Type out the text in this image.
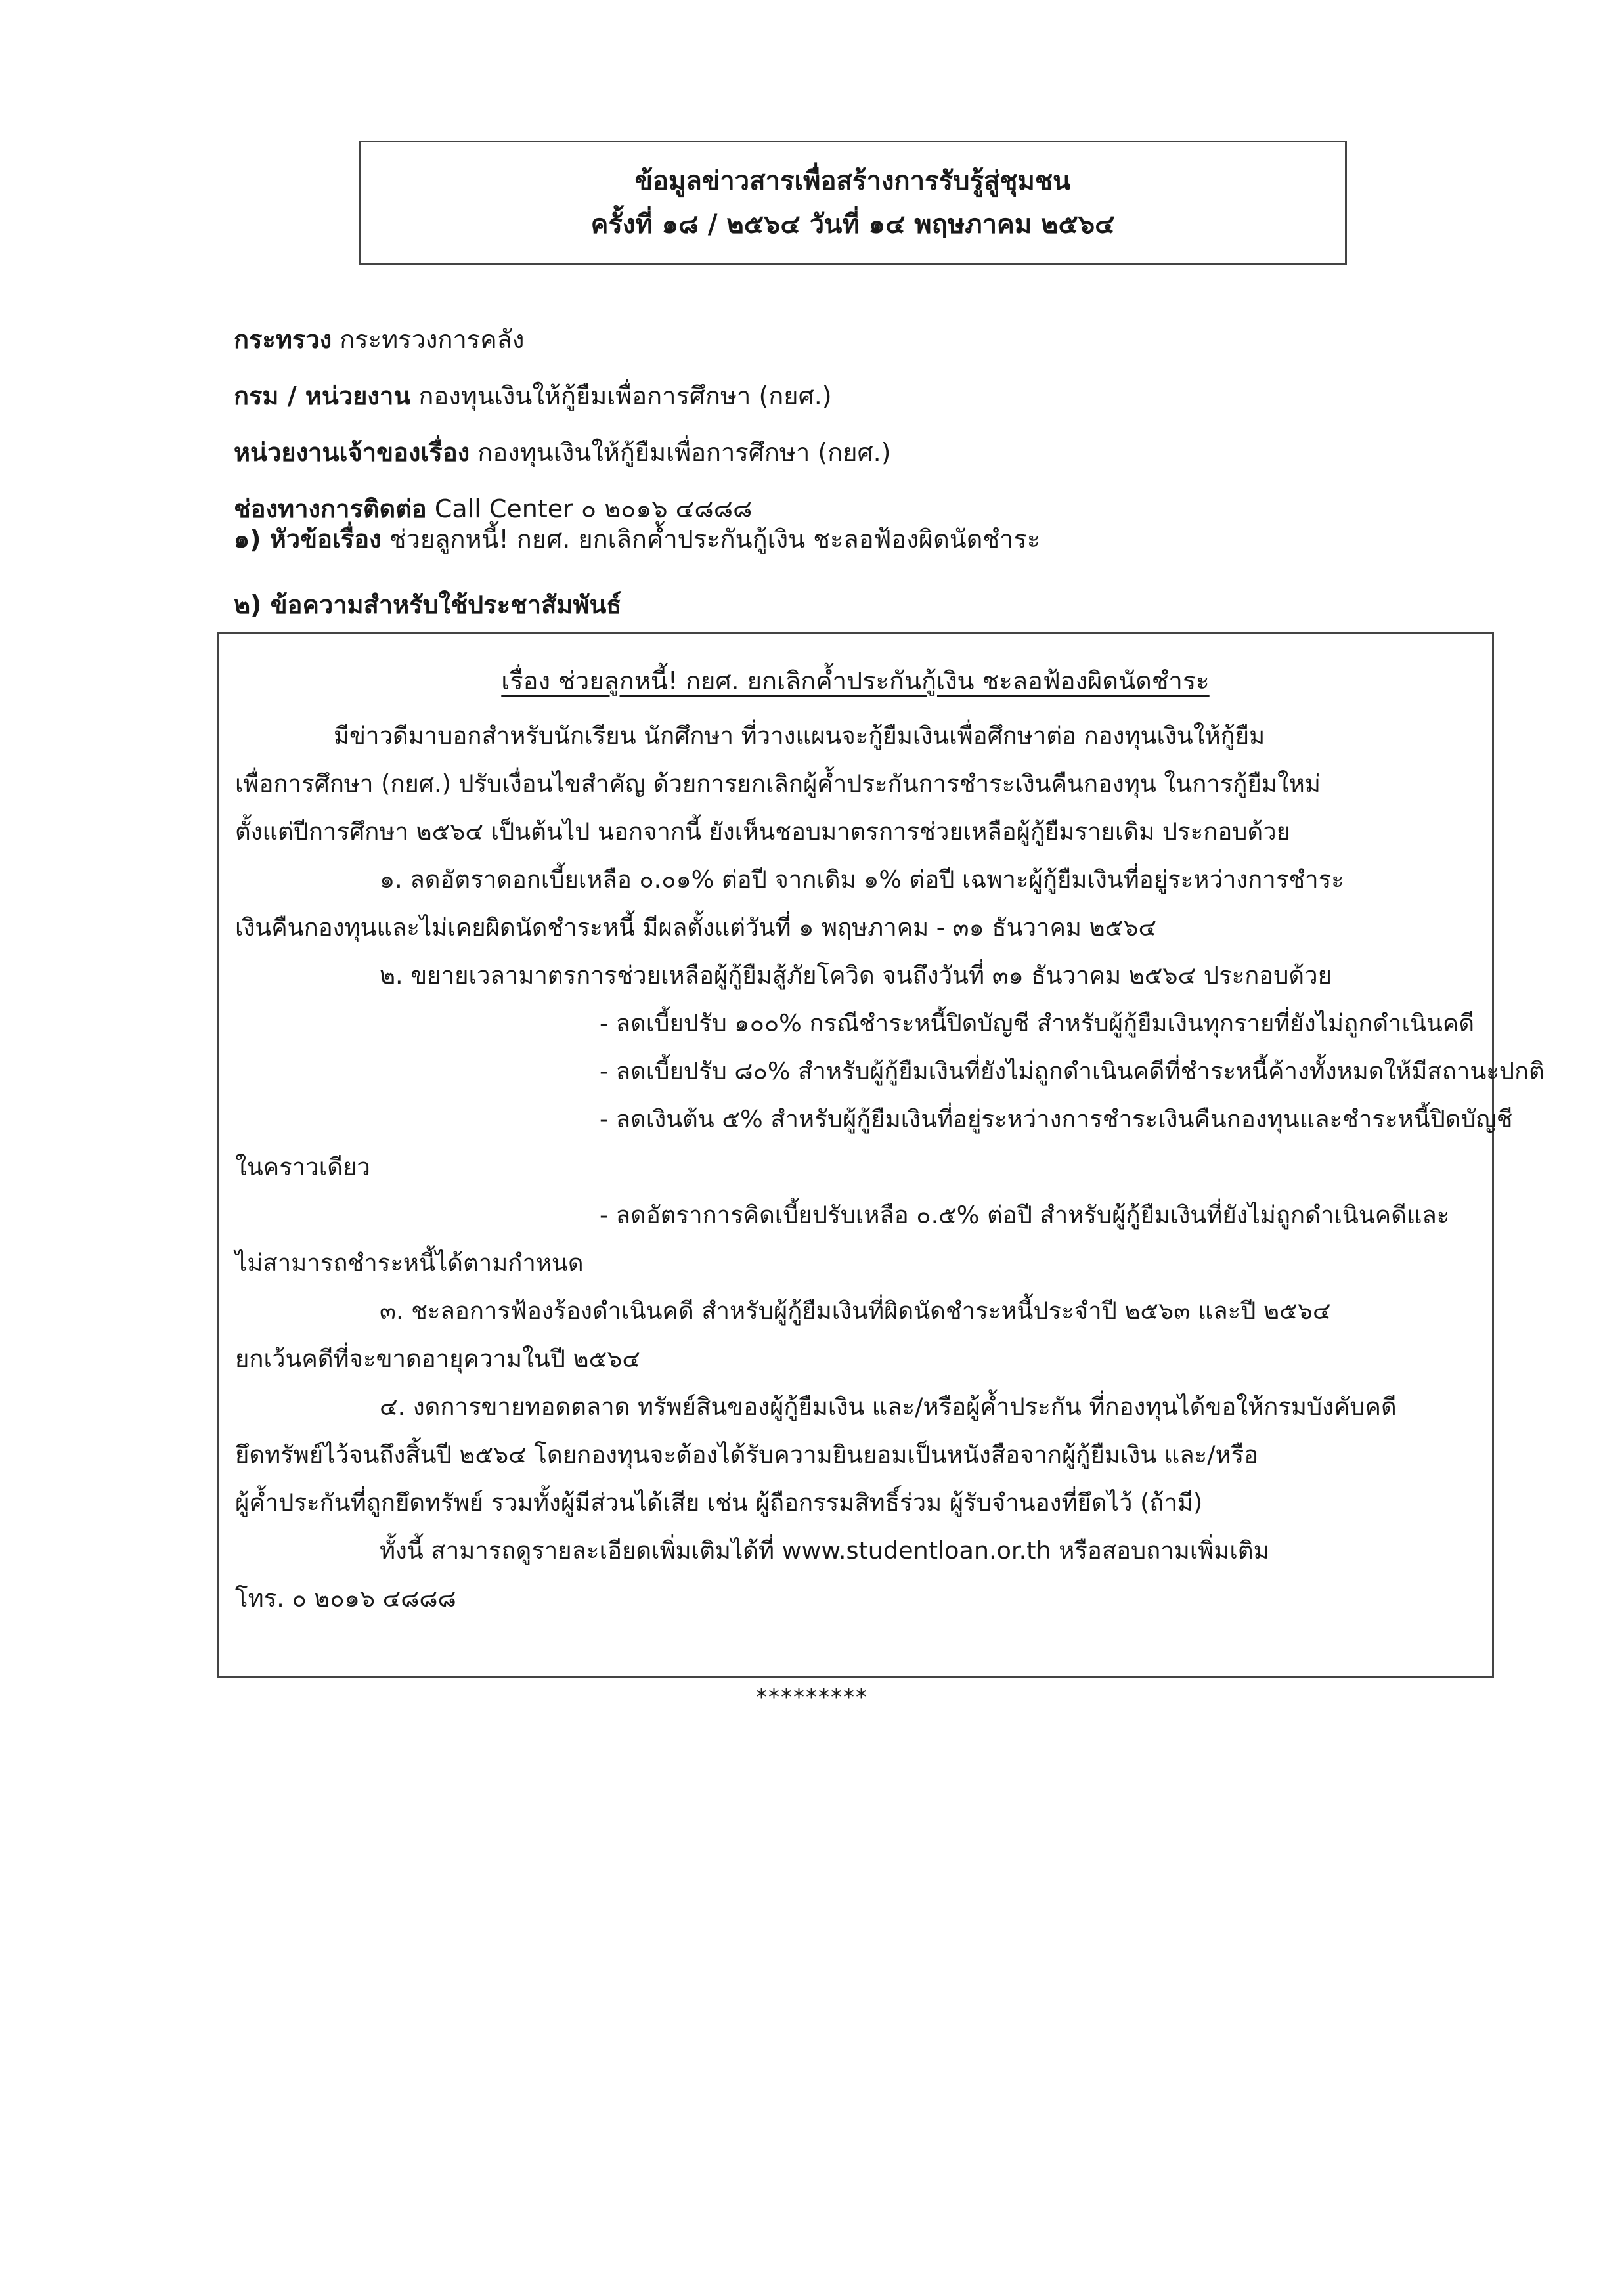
ข้อมูลข่าวสารเพื่อสร้างการรับรู้สู่ชุมชน
ครั้งที่ ๑๘ / ๒๕๖๔ วันที่ ๑๔ พฤษภาคม ๒๕๖๔
กระทรวง กระทรวงการคลัง
กรม / หน่วยงาน กองทุนเงินให้กู้ยืมเพื่อการศึกษา (กยศ.)
หน่วยงานเจ้าของเรื่อง กองทุนเงินให้กู้ยืมเพื่อการศึกษา (กยศ.)
ช่องทางการติดต่อ Call Center ๐ ๒๐๑๖ ๔๘๘๘
๑) หัวข้อเรื่อง ช่วยลูกหนี้! กยศ. ยกเลิกค้ำประกันกู้เงิน ชะลอฟ้องผิดนัดชำระ
๒) ข้อความสำหรับใช้ประชาสัมพันธ์
เรื่อง ช่วยลูกหนี้! กยศ. ยกเลิกค้ำประกันกู้เงิน ชะลอฟ้องผิดนัดชำระ
มีข่าวดีมาบอกสำหรับนักเรียน นักศึกษา ที่วางแผนจะกู้ยืมเงินเพื่อศึกษาต่อ กองทุนเงินให้กู้ยืม
เพื่อการศึกษา (กยศ.) ปรับเงื่อนไขสำคัญ ด้วยการยกเลิกผู้ค้ำประกันการชำระเงินคืนกองทุน ในการกู้ยืมใหม่
ตั้งแต่ปีการศึกษา ๒๕๖๔ เป็นต้นไป นอกจากนี้ ยังเห็นชอบมาตรการช่วยเหลือผู้กู้ยืมรายเดิม ประกอบด้วย
๑. ลดอัตราดอกเบี้ยเหลือ ๐.๐๑% ต่อปี จากเดิม ๑% ต่อปี เฉพาะผู้กู้ยืมเงินที่อยู่ระหว่างการชำระ
เงินคืนกองทุนและไม่เคยผิดนัดชำระหนี้ มีผลตั้งแต่วันที่ ๑ พฤษภาคม - ๓๑ ธันวาคม ๒๕๖๔
๒. ขยายเวลามาตรการช่วยเหลือผู้กู้ยืมสู้ภัยโควิด จนถึงวันที่ ๓๑ ธันวาคม ๒๕๖๔ ประกอบด้วย
- ลดเบี้ยปรับ ๑๐๐% กรณีชำระหนี้ปิดบัญชี สำหรับผู้กู้ยืมเงินทุกรายที่ยังไม่ถูกดำเนินคดี
- ลดเบี้ยปรับ ๘๐% สำหรับผู้กู้ยืมเงินที่ยังไม่ถูกดำเนินคดีที่ชำระหนี้ค้างทั้งหมดให้มีสถานะปกติ
- ลดเงินต้น ๕% สำหรับผู้กู้ยืมเงินที่อยู่ระหว่างการชำระเงินคืนกองทุนและชำระหนี้ปิดบัญชี
ในคราวเดียว
- ลดอัตราการคิดเบี้ยปรับเหลือ ๐.๕% ต่อปี สำหรับผู้กู้ยืมเงินที่ยังไม่ถูกดำเนินคดีและ
ไม่สามารถชำระหนี้ได้ตามกำหนด
๓. ชะลอการฟ้องร้องดำเนินคดี สำหรับผู้กู้ยืมเงินที่ผิดนัดชำระหนี้ประจำปี ๒๕๖๓ และปี ๒๕๖๔
ยกเว้นคดีที่จะขาดอายุความในปี ๒๕๖๔
๔. งดการขายทอดตลาด ทรัพย์สินของผู้กู้ยืมเงิน และ/หรือผู้ค้ำประกัน ที่กองทุนได้ขอให้กรมบังคับคดี
ยึดทรัพย์ไว้จนถึงสิ้นปี ๒๕๖๔ โดยกองทุนจะต้องได้รับความยินยอมเป็นหนังสือจากผู้กู้ยืมเงิน และ/หรือ
ผู้ค้ำประกันที่ถูกยึดทรัพย์ รวมทั้งผู้มีส่วนได้เสีย เช่น ผู้ถือกรรมสิทธิ์ร่วม ผู้รับจำนองที่ยึดไว้ (ถ้ามี)
ทั้งนี้ สามารถดูรายละเอียดเพิ่มเติมได้ที่ www.studentloan.or.th หรือสอบถามเพิ่มเติม
โทร. ๐ ๒๐๑๖ ๔๘๘๘
*********
